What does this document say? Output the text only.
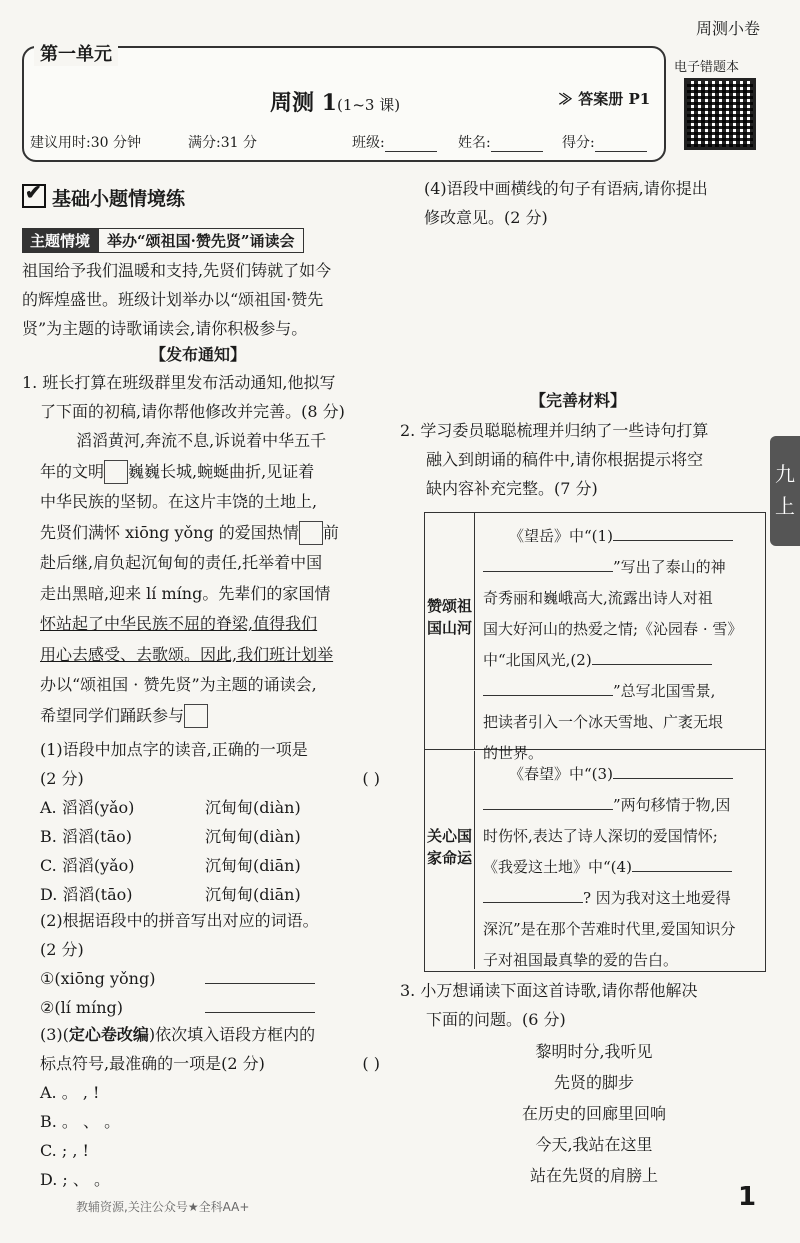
周测小卷
第一单元
周测 1(1~3 课)	≫ 答案册 P1
电子错题本
建议用时:30 分钟	满分:31 分	班级:	姓名:	得分:
✔基础小题情境练
主题情境 举办“颂祖国·赞先贤”诵读会
祖国给予我们温暖和支持,先贤们铸就了如今
的辉煌盛世。班级计划举办以“颂祖国·赞先
贤”为主题的诗歌诵读会,请你积极参与。
【发布通知】
1. 班长打算在班级群里发布活动通知,他拟写
了下面的初稿,请你帮他修改并完善。(8 分)
滔滔黄河,奔流不息,诉说着中华五千
年的文明 巍巍长城,蜿蜒曲折,见证着
中华民族的坚韧。在这片丰饶的土地上,
先贤们满怀 xiōng yǒng 的爱国热情 前
赴后继,肩负起沉甸甸的责任,托举着中国
走出黑暗,迎来 lí míng。先辈们的家国情
怀站起了中华民族不屈的脊梁,值得我们
用心去感受、去歌颂。因此,我们班计划举
办以“颂祖国 · 赞先贤”为主题的诵读会,
希望同学们踊跃参与
(1)语段中加点字的读音,正确的一项是
(2 分)	( )
A. 滔滔(yǎo)	沉甸甸(diàn)
B. 滔滔(tāo)	沉甸甸(diàn)
C. 滔滔(yǎo)	沉甸甸(diān)
D. 滔滔(tāo)	沉甸甸(diān)
(2)根据语段中的拼音写出对应的词语。
(2 分)
①(xiōng yǒng)
②(lí míng)
(3)(定心卷改编)依次填入语段方框内的
标点符号,最准确的一项是(2 分)	( )
A. 。 , !
B. 。 、 。
C. ; , !
D. ; 、 。
(4)语段中画横线的句子有语病,请你提出
修改意见。(2 分)
【完善材料】
2. 学习委员聪聪梳理并归纳了一些诗句打算
融入到朗诵的稿件中,请你根据提示将空
缺内容补充完整。(7 分)
赞颂祖国山河
《望岳》中“(1)
”写出了泰山的神
奇秀丽和巍峨高大,流露出诗人对祖
国大好河山的热爱之情;《沁园春 · 雪》
中“北国风光,(2)
”总写北国雪景,
把读者引入一个冰天雪地、广袤无垠
的世界。
关心国家命运
《春望》中“(3)
”两句移情于物,因
时伤怀,表达了诗人深切的爱国情怀;
《我爱这土地》中“(4)
? 因为我对这土地爱得
深沉”是在那个苦难时代里,爱国知识分
子对祖国最真挚的爱的告白。
3. 小万想诵读下面这首诗歌,请你帮他解决
下面的问题。(6 分)
黎明时分,我听见
先贤的脚步
在历史的回廊里回响
今天,我站在这里
站在先贤的肩膀上
九
上
教辅资源,关注公众号★全科AA+	1
